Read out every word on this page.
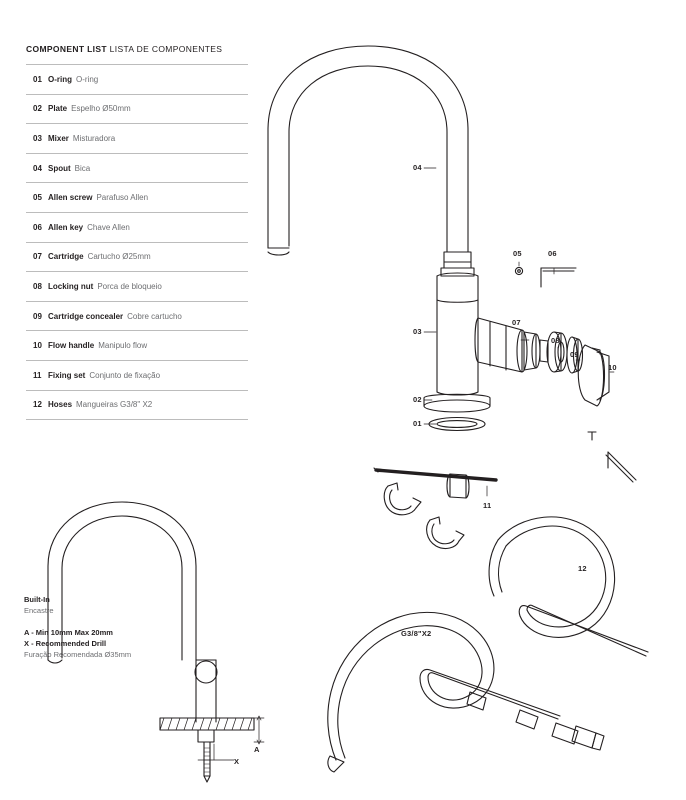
COMPONENT LIST LISTA DE COMPONENTES
01 O-ring O-ring
02 Plate Espelho Ø50mm
03 Mixer Misturadora
04 Spout Bica
05 Allen screw Parafuso Allen
06 Allen key Chave Allen
07 Cartridge Cartucho Ø25mm
08 Locking nut Porca de bloqueio
09 Cartridge concealer Cobre cartucho
10 Flow handle Manipulo flow
11 Fixing set Conjunto de fixação
12 Hoses Mangueiras G3/8" X2
Built-In
Encastre
A - Min 10mm Max 20mm
X - Recommended Drill
Furação Recomendada Ø35mm
04
03
02
01
05	06
07
08
09
10
11
12
G3/8"X2
A
X
